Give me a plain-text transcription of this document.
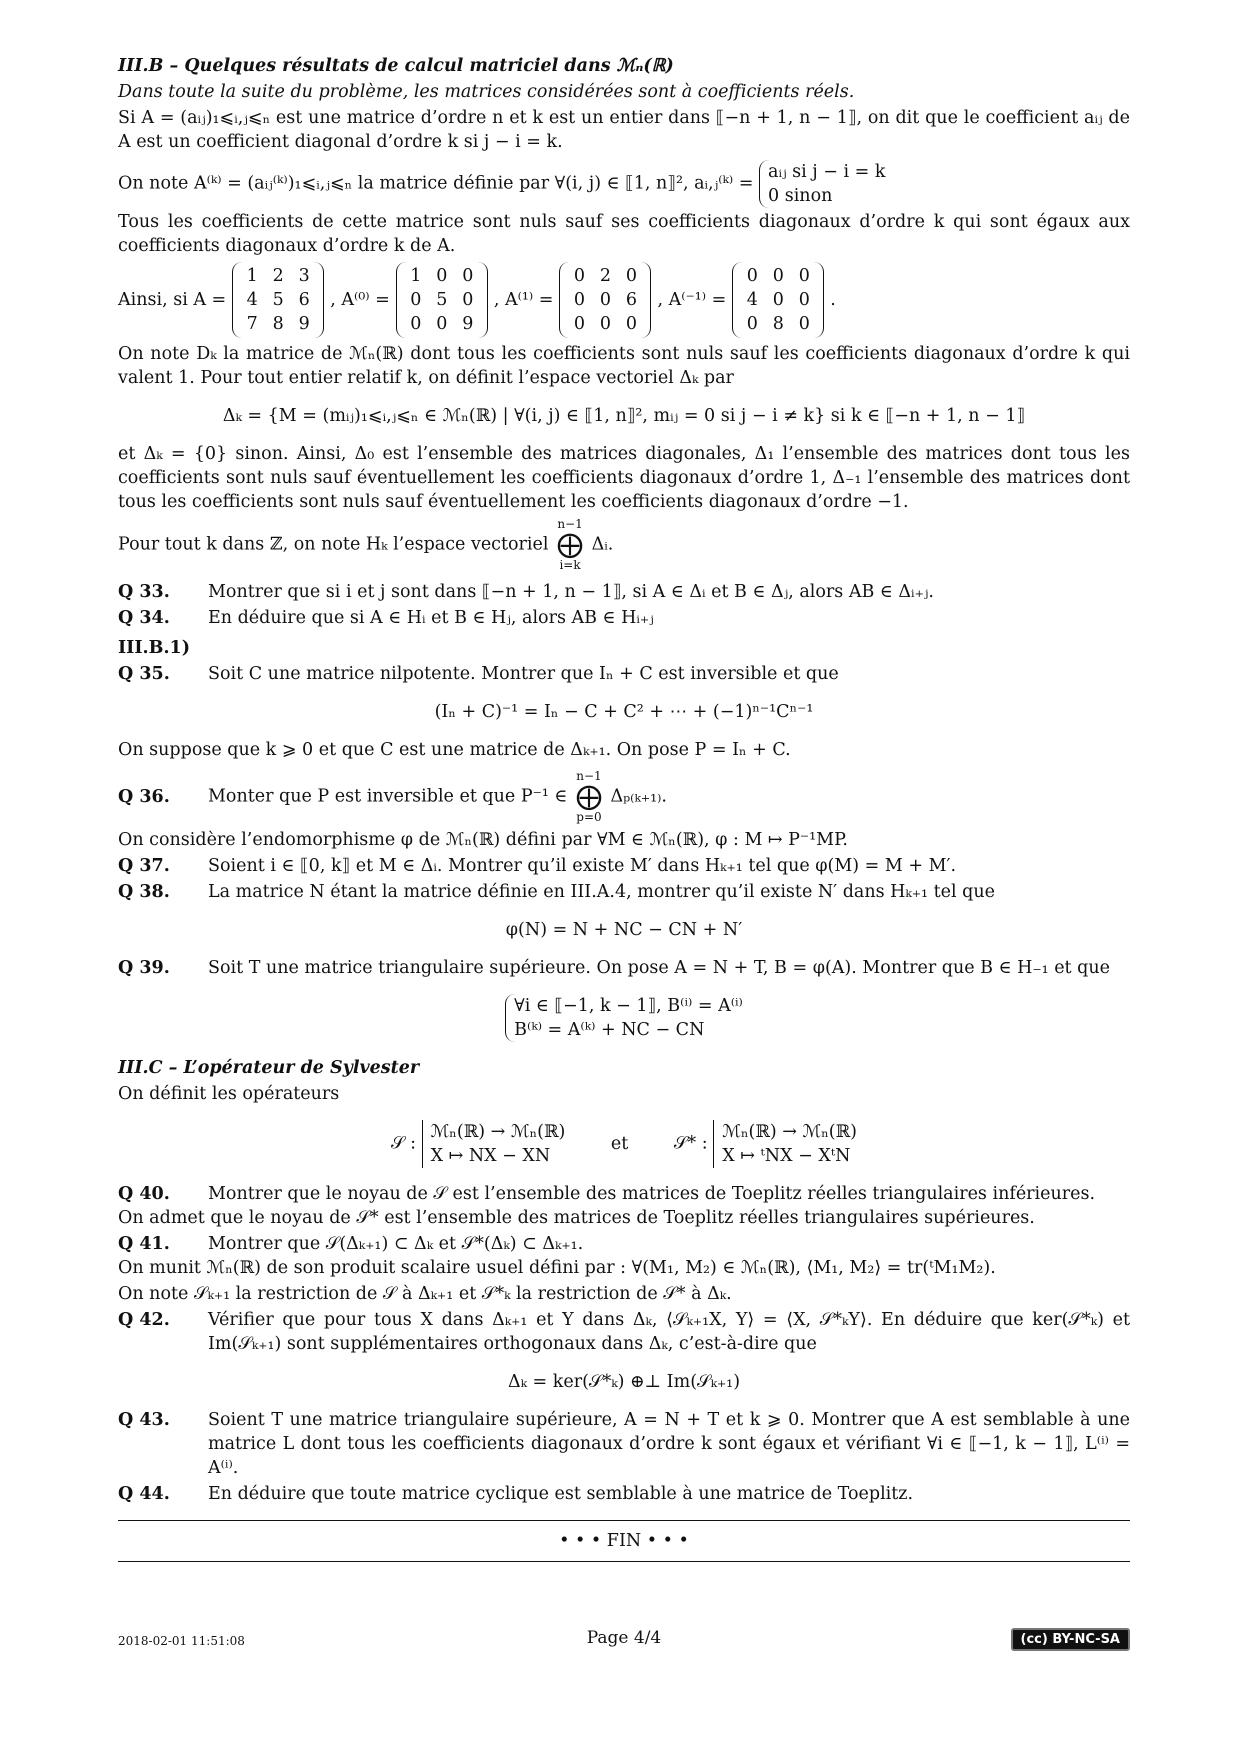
III.B – Quelques résultats de calcul matriciel dans ℳₙ(ℝ)
Dans toute la suite du problème, les matrices considérées sont à coefficients réels.
Si A = (aᵢⱼ)₁⩽ᵢ,ⱼ⩽ₙ est une matrice d’ordre n et k est un entier dans ⟦−n + 1, n − 1⟧, on dit que le coefficient aᵢⱼ de A est un coefficient diagonal d’ordre k si j − i = k.
On note A⁽ᵏ⁾ = (aᵢⱼ⁽ᵏ⁾)₁⩽ᵢ,ⱼ⩽ₙ la matrice définie par ∀(i, j) ∈ ⟦1, n⟧², aᵢ,ⱼ⁽ᵏ⁾ =
aᵢⱼ si j − i = k
0 sinon
Tous les coefficients de cette matrice sont nuls sauf ses coefficients diagonaux d’ordre k qui sont égaux aux coefficients diagonaux d’ordre k de A.
Ainsi, si A =
1 2 3
4 5 6
7 8 9
, A⁽⁰⁾ =
1 0 0
0 5 0
0 0 9
, A⁽¹⁾ =
0 2 0
0 0 6
0 0 0
, A⁽⁻¹⁾ =
0 0 0
4 0 0
0 8 0
.
On note Dₖ la matrice de ℳₙ(ℝ) dont tous les coefficients sont nuls sauf les coefficients diagonaux d’ordre k qui valent 1. Pour tout entier relatif k, on définit l’espace vectoriel Δₖ par
Δₖ = {M = (mᵢⱼ)₁⩽ᵢ,ⱼ⩽ₙ ∈ ℳₙ(ℝ) | ∀(i, j) ∈ ⟦1, n⟧², mᵢⱼ = 0 si j − i ≠ k} si k ∈ ⟦−n + 1, n − 1⟧
et Δₖ = {0} sinon. Ainsi, Δ₀ est l’ensemble des matrices diagonales, Δ₁ l’ensemble des matrices dont tous les coefficients sont nuls sauf éventuellement les coefficients diagonaux d’ordre 1, Δ₋₁ l’ensemble des matrices dont tous les coefficients sont nuls sauf éventuellement les coefficients diagonaux d’ordre −1.
Pour tout k dans ℤ, on note Hₖ l’espace vectoriel
n−1
⨁
i=k
Δᵢ.
Q 33.	Montrer que si i et j sont dans ⟦−n + 1, n − 1⟧, si A ∈ Δᵢ et B ∈ Δⱼ, alors AB ∈ Δᵢ₊ⱼ.
Q 34.	En déduire que si A ∈ Hᵢ et B ∈ Hⱼ, alors AB ∈ Hᵢ₊ⱼ
III.B.1)
Q 35.	Soit C une matrice nilpotente. Montrer que Iₙ + C est inversible et que
(Iₙ + C)⁻¹ = Iₙ − C + C² + ⋯ + (−1)ⁿ⁻¹Cⁿ⁻¹
On suppose que k ⩾ 0 et que C est une matrice de Δₖ₊₁. On pose P = Iₙ + C.
Q 36.	Monter que P est inversible et que P⁻¹ ∈
n−1
⨁
p=0
Δₚ₍ₖ₊₁₎.
On considère l’endomorphisme φ de ℳₙ(ℝ) défini par ∀M ∈ ℳₙ(ℝ), φ : M ↦ P⁻¹MP.
Q 37.	Soient i ∈ ⟦0, k⟧ et M ∈ Δᵢ. Montrer qu’il existe M′ dans Hₖ₊₁ tel que φ(M) = M + M′.
Q 38.	La matrice N étant la matrice définie en III.A.4, montrer qu’il existe N′ dans Hₖ₊₁ tel que
φ(N) = N + NC − CN + N′
Q 39.	Soit T une matrice triangulaire supérieure. On pose A = N + T, B = φ(A). Montrer que B ∈ H₋₁ et que
∀i ∈ ⟦−1, k − 1⟧, B⁽ⁱ⁾ = A⁽ⁱ⁾
B⁽ᵏ⁾ = A⁽ᵏ⁾ + NC − CN
III.C – L’opérateur de Sylvester
On définit les opérateurs
𝒮 :
ℳₙ(ℝ) → ℳₙ(ℝ)
X ↦ NX − XN
et	𝒮* :
ℳₙ(ℝ) → ℳₙ(ℝ)
X ↦ ᵗNX − XᵗN
Q 40.	Montrer que le noyau de 𝒮 est l’ensemble des matrices de Toeplitz réelles triangulaires inférieures.
On admet que le noyau de 𝒮* est l’ensemble des matrices de Toeplitz réelles triangulaires supérieures.
Q 41.	Montrer que 𝒮(Δₖ₊₁) ⊂ Δₖ et 𝒮*(Δₖ) ⊂ Δₖ₊₁.
On munit ℳₙ(ℝ) de son produit scalaire usuel défini par : ∀(M₁, M₂) ∈ ℳₙ(ℝ), ⟨M₁, M₂⟩ = tr(ᵗM₁M₂).
On note 𝒮ₖ₊₁ la restriction de 𝒮 à Δₖ₊₁ et 𝒮*ₖ la restriction de 𝒮* à Δₖ.
Q 42.	Vérifier que pour tous X dans Δₖ₊₁ et Y dans Δₖ, ⟨𝒮ₖ₊₁X, Y⟩ = ⟨X, 𝒮*ₖY⟩. En déduire que ker(𝒮*ₖ) et Im(𝒮ₖ₊₁) sont supplémentaires orthogonaux dans Δₖ, c’est-à-dire que
Δₖ = ker(𝒮*ₖ) ⊕⊥ Im(𝒮ₖ₊₁)
Q 43.	Soient T une matrice triangulaire supérieure, A = N + T et k ⩾ 0. Montrer que A est semblable à une matrice L dont tous les coefficients diagonaux d’ordre k sont égaux et vérifiant ∀i ∈ ⟦−1, k − 1⟧, L⁽ⁱ⁾ = A⁽ⁱ⁾.
Q 44.	En déduire que toute matrice cyclique est semblable à une matrice de Toeplitz.
• • • FIN • • •
2018-02-01 11:51:08	Page 4/4	(cc) BY-NC-SA
